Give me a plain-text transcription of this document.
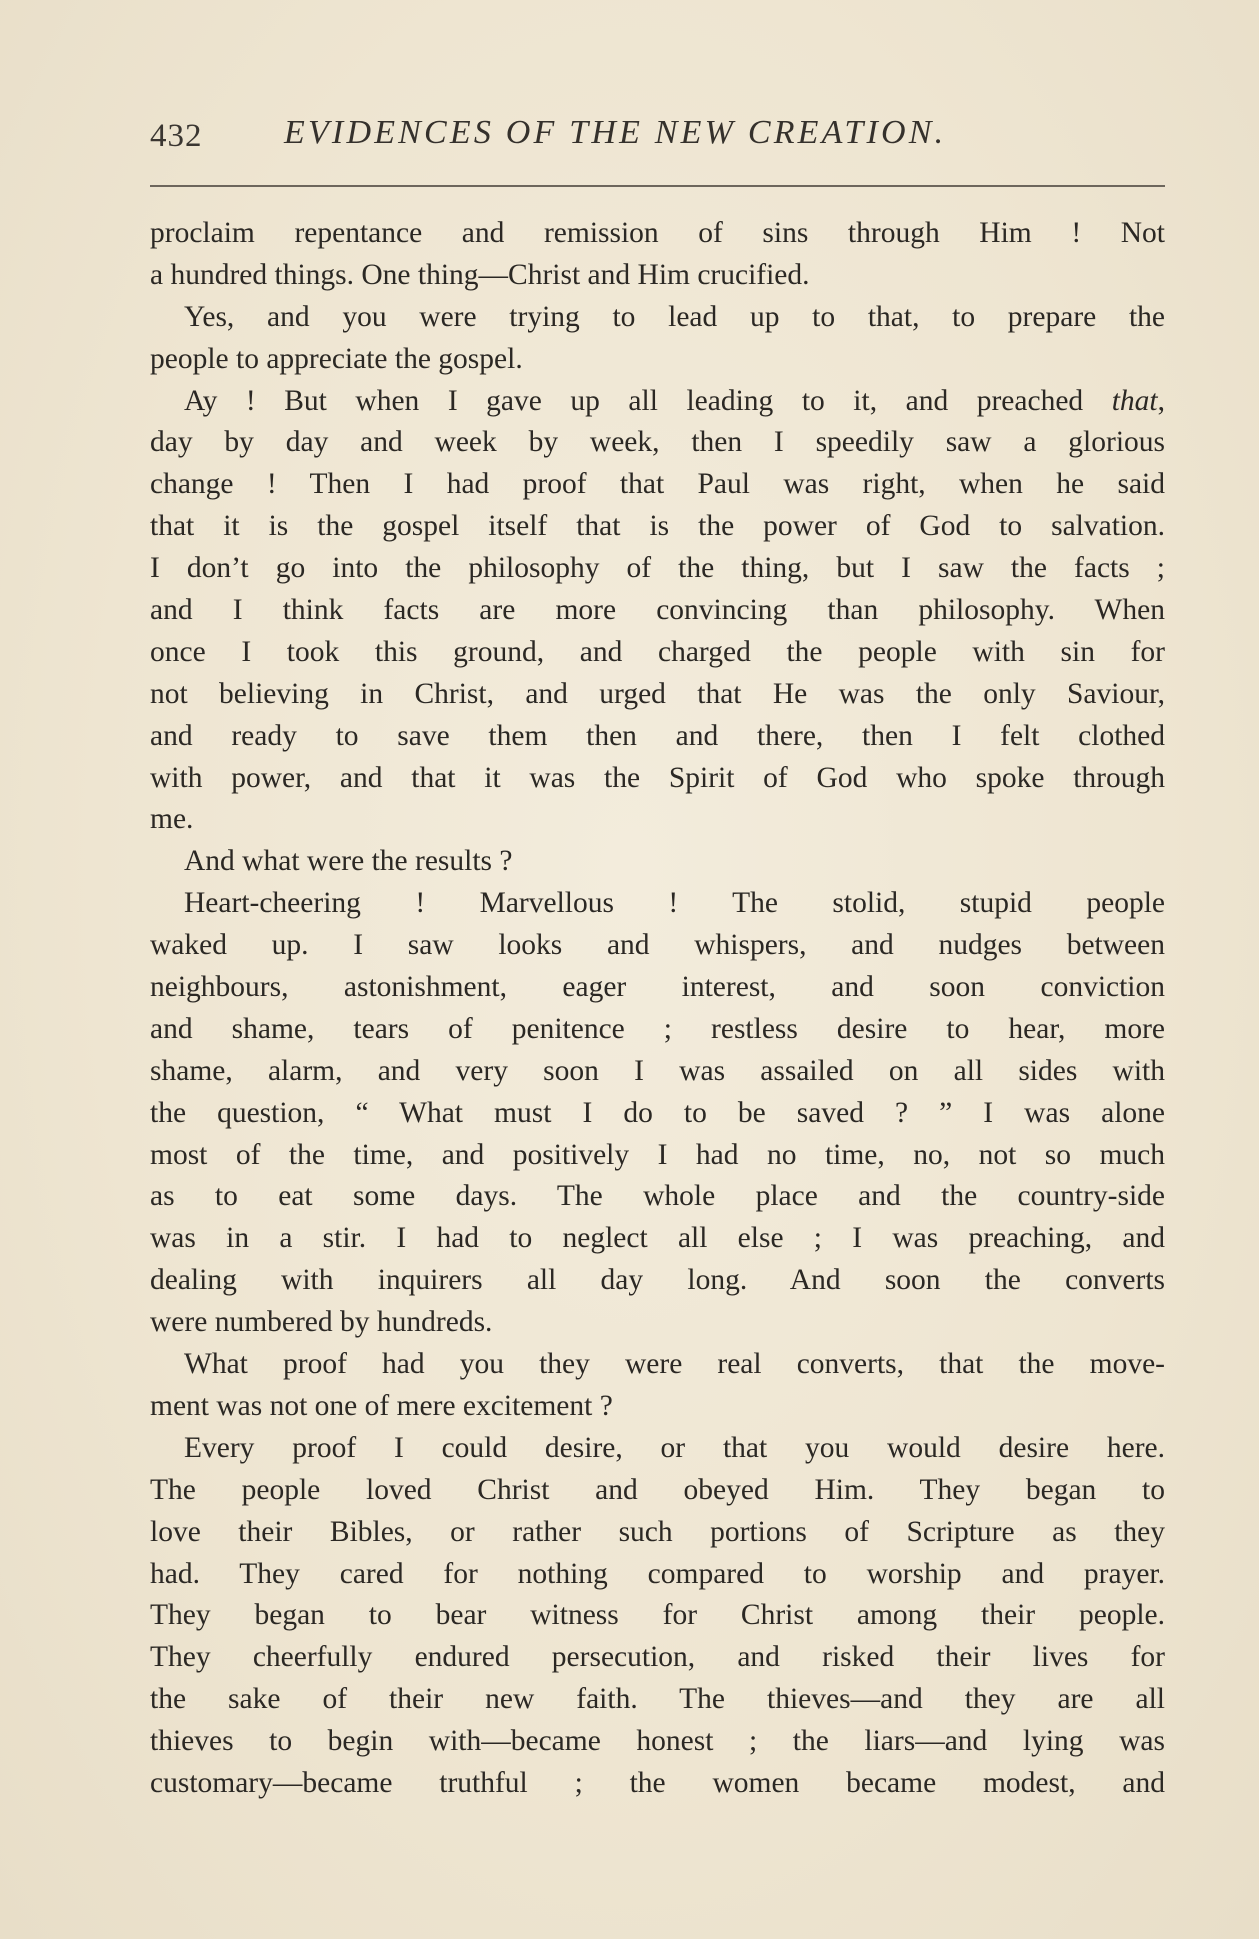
432 EVIDENCES OF THE NEW CREATION.
proclaim repentance and remission of sins through Him ! Not
a hundred things. One thing—Christ and Him crucified.
Yes, and you were trying to lead up to that, to prepare the
people to appreciate the gospel.
Ay ! But when I gave up all leading to it, and preached that,
day by day and week by week, then I speedily saw a glorious
change ! Then I had proof that Paul was right, when he said
that it is the gospel itself that is the power of God to salvation.
I don’t go into the philosophy of the thing, but I saw the facts ;
and I think facts are more convincing than philosophy. When
once I took this ground, and charged the people with sin for
not believing in Christ, and urged that He was the only Saviour,
and ready to save them then and there, then I felt clothed
with power, and that it was the Spirit of God who spoke through
me.
And what were the results ?
Heart-cheering ! Marvellous ! The stolid, stupid people
waked up. I saw looks and whispers, and nudges between
neighbours, astonishment, eager interest, and soon conviction
and shame, tears of penitence ; restless desire to hear, more
shame, alarm, and very soon I was assailed on all sides with
the question, “ What must I do to be saved ? ” I was alone
most of the time, and positively I had no time, no, not so much
as to eat some days. The whole place and the country-side
was in a stir. I had to neglect all else ; I was preaching, and
dealing with inquirers all day long. And soon the converts
were numbered by hundreds.
What proof had you they were real converts, that the move-
ment was not one of mere excitement ?
Every proof I could desire, or that you would desire here.
The people loved Christ and obeyed Him. They began to
love their Bibles, or rather such portions of Scripture as they
had. They cared for nothing compared to worship and prayer.
They began to bear witness for Christ among their people.
They cheerfully endured persecution, and risked their lives for
the sake of their new faith. The thieves—and they are all
thieves to begin with—became honest ; the liars—and lying was
customary—became truthful ; the women became modest, and
